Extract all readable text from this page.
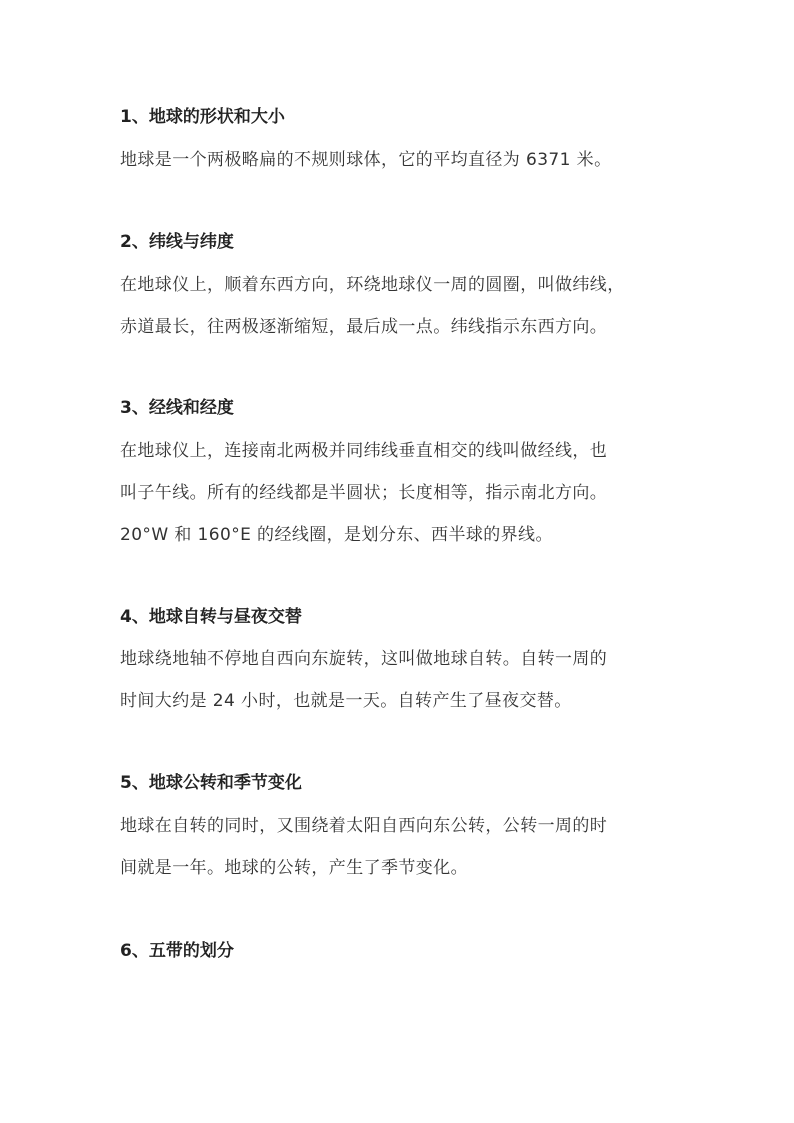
1、地球的形状和大小
地球是一个两极略扁的不规则球体，它的平均直径为 6371 米。
2、纬线与纬度
在地球仪上，顺着东西方向，环绕地球仪一周的圆圈，叫做纬线，
赤道最长，往两极逐渐缩短，最后成一点。纬线指示东西方向。
3、经线和经度
在地球仪上，连接南北两极并同纬线垂直相交的线叫做经线，也
叫子午线。所有的经线都是半圆状；长度相等，指示南北方向。
20°W 和 160°E 的经线圈，是划分东、西半球的界线。
4、地球自转与昼夜交替
地球绕地轴不停地自西向东旋转，这叫做地球自转。自转一周的
时间大约是 24 小时，也就是一天。自转产生了昼夜交替。
5、地球公转和季节变化
地球在自转的同时，又围绕着太阳自西向东公转，公转一周的时
间就是一年。地球的公转，产生了季节变化。
6、五带的划分
